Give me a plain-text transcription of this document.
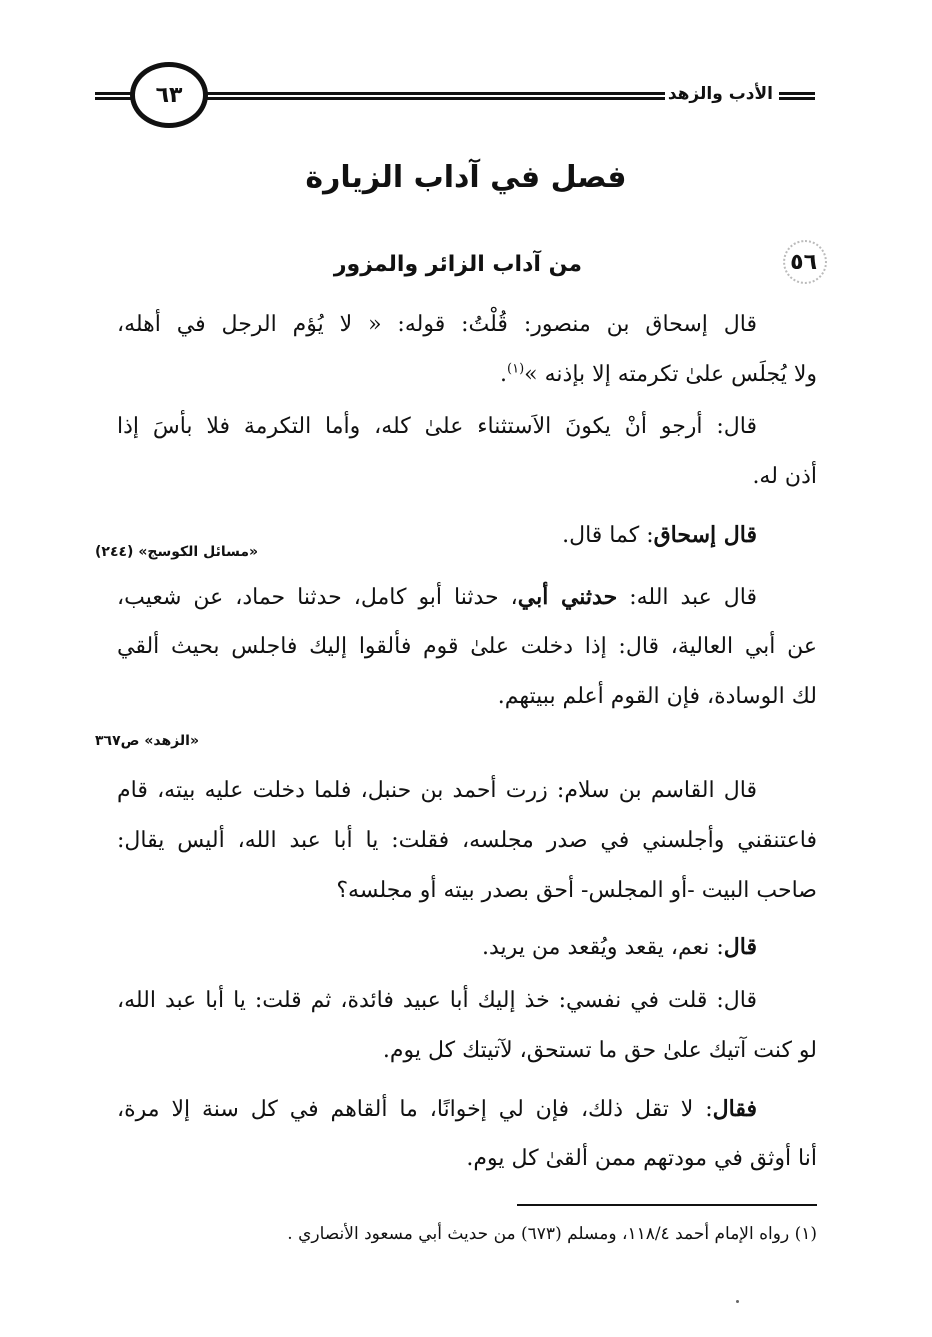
الأدب والزهد
٦٣
فصل في آداب الزيارة
٥٦
من آداب الزائر والمزور
قال إسحاق بن منصور: قُلْتُ: قوله: « لا يُؤم الرجل في أهله،
ولا يُجلَس علىٰ تكرمته إلا بإذنه »$^{(١)}$.
قال: أرجو أنْ يكونَ الاَستثناء علىٰ كله، وأما التكرمة فلا بأسَ إذا
أذن له.
قال إسحاق: كما قال.
«مسائل الكوسج» (٢٤٤)
قال عبد الله: حدثني أبي، حدثنا أبو كامل، حدثنا حماد، عن شعيب،
عن أبي العالية، قال: إذا دخلت علىٰ قوم فألقوا إليك فاجلس بحيث ألقي
لك الوسادة، فإن القوم أعلم ببيتهم.
«الزهد» ص٣٦٧
قال القاسم بن سلام: زرت أحمد بن حنبل، فلما دخلت عليه بيته، قام
فاعتنقني وأجلسني في صدر مجلسه، فقلت: يا أبا عبد الله، أليس يقال:
صاحب البيت -أو المجلس- أحق بصدر بيته أو مجلسه؟
قال: نعم، يقعد ويُقعد من يريد.
قال: قلت في نفسي: خذ إليك أبا عبيد فائدة، ثم قلت: يا أبا عبد الله،
لو كنت آتيك علىٰ حق ما تستحق، لآتيتك كل يوم.
فقال: لا تقل ذلك، فإن لي إخوانًا، ما ألقاهم في كل سنة إلا مرة،
أنا أوثق في مودتهم ممن ألقىٰ كل يوم.
(١) رواه الإمام أحمد ١١٨/٤، ومسلم (٦٧٣) من حديث أبي مسعود الأنصاري .
